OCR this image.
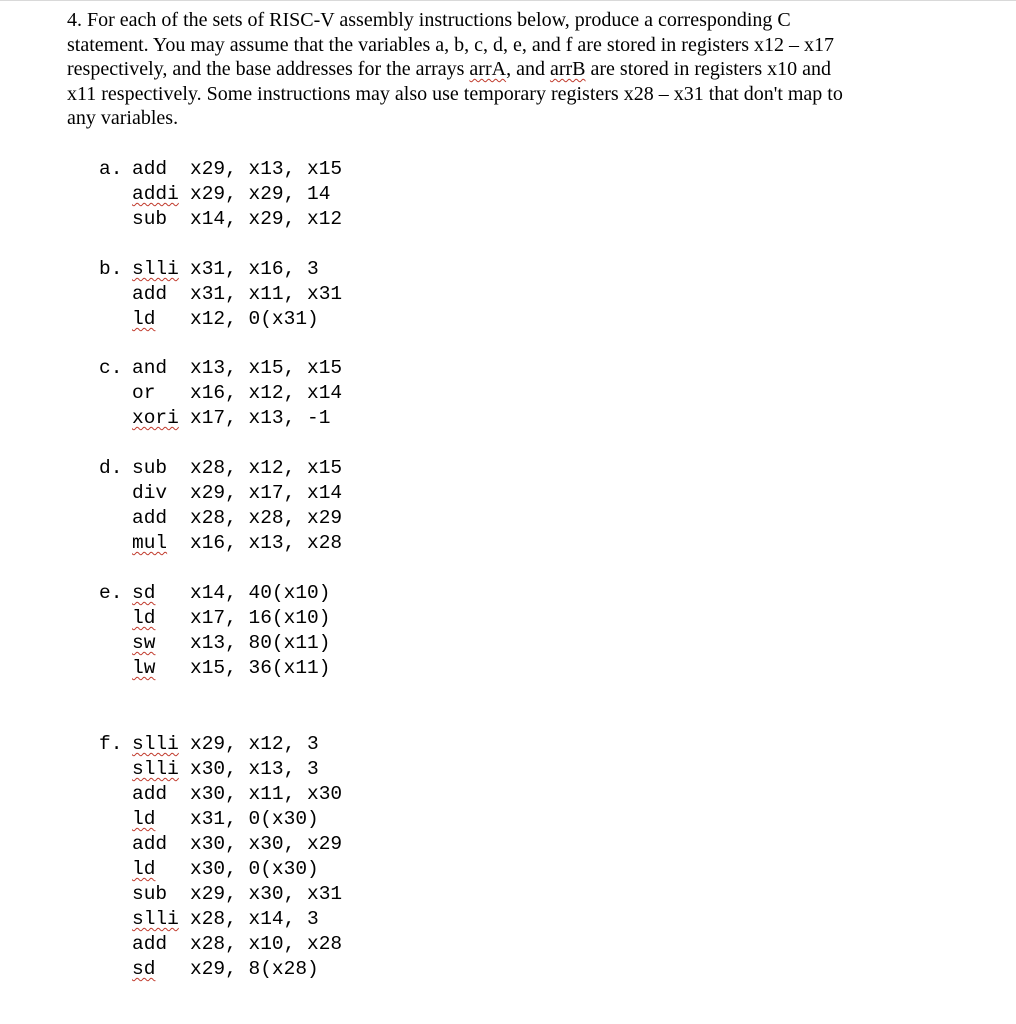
4. For each of the sets of RISC-V assembly instructions below, produce a corresponding C

statement. You may assume that the variables a, b, c, d, e, and f are stored in registers x12 – x17

respectively, and the base addresses for the arrays arrA, and arrB are stored in registers x10 and

x11 respectively. Some instructions may also use temporary registers x28 – x31 that don't map to

any variables.

a. add	x29, x13, x15
addi x29, x29, 14
sub	x14, x29, x12
b. slli x31, x16, 3
add	x31, x11, x31
ld	x12, 0(x31)
c. and	x13, x15, x15
or	x16, x12, x14
xori x17, x13, -1
d. sub	x28, x12, x15
div	x29, x17, x14
add	x28, x28, x29
mul	x16, x13, x28
e. sd	x14, 40(x10)
ld	x17, 16(x10)
sw	x13, 80(x11)
lw	x15, 36(x11)
f. slli x29, x12, 3
slli x30, x13, 3
add	x30, x11, x30
ld	x31, 0(x30)
add	x30, x30, x29
ld	x30, 0(x30)
sub	x29, x30, x31
slli x28, x14, 3
add	x28, x10, x28
sd	x29, 8(x28)
